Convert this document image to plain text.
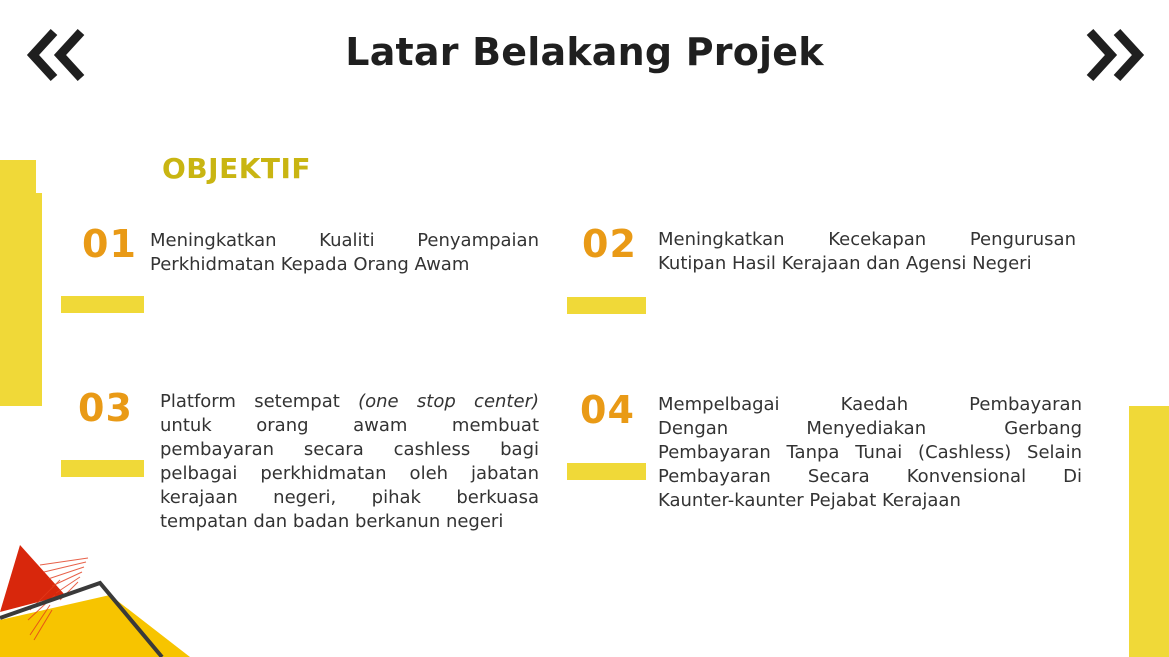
Latar Belakang Projek
OBJEKTIF
01 Meningkatkan Kualiti Penyampaian
Perkhidmatan Kepada Orang Awam	02 Meningkatkan Kecekapan Pengurusan
Kutipan Hasil Kerajaan dan Agensi Negeri
03 Platform setempat (one stop center)
untuk orang awam membuat
pembayaran secara cashless bagi
pelbagai perkhidmatan oleh jabatan
kerajaan negeri, pihak berkuasa
tempatan dan badan berkanun negeri
04 Mempelbagai Kaedah Pembayaran
Dengan Menyediakan Gerbang
Pembayaran Tanpa Tunai (Cashless) Selain
Pembayaran Secara Konvensional Di
Kaunter-kaunter Pejabat Kerajaan
